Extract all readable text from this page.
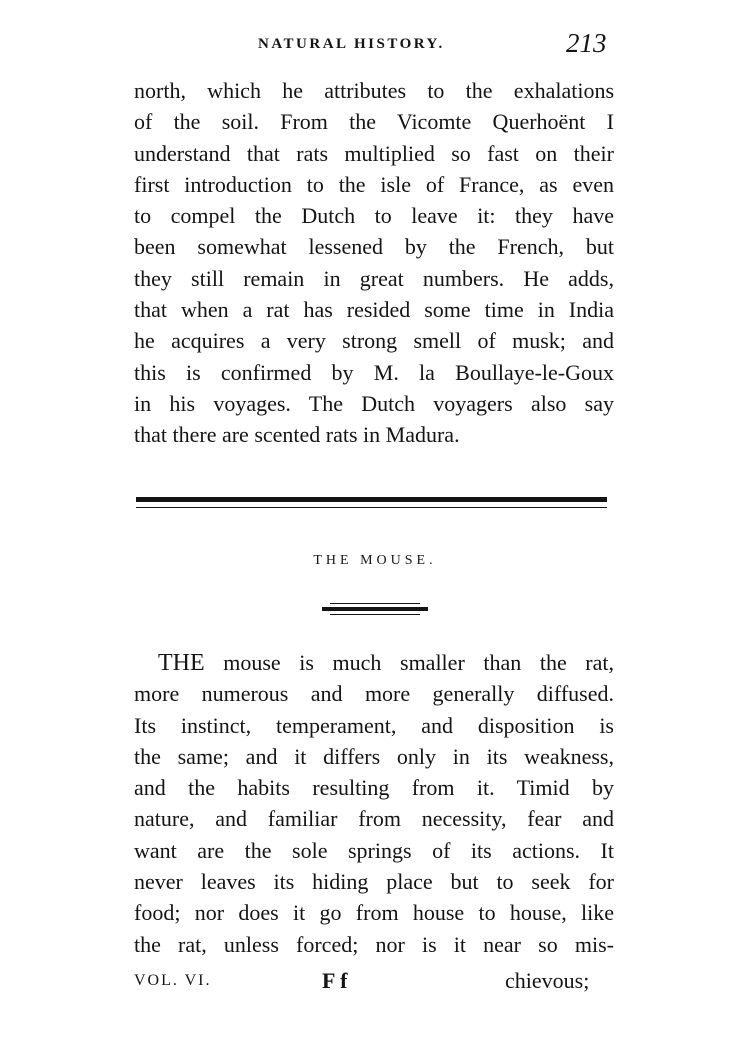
NATURAL HISTORY.	213
north, which he attributes to the exhalations
of the soil. From the Vicomte Querhoënt I
understand that rats multiplied so fast on their
first introduction to the isle of France, as even
to compel the Dutch to leave it: they have
been somewhat lessened by the French, but
they still remain in great numbers. He adds,
that when a rat has resided some time in India
he acquires a very strong smell of musk; and
this is confirmed by M. la Boullaye-le-Goux
in his voyages. The Dutch voyagers also say
that there are scented rats in Madura.
THE MOUSE.
THE mouse is much smaller than the rat,
more numerous and more generally diffused.
Its instinct, temperament, and disposition is
the same; and it differs only in its weakness,
and the habits resulting from it. Timid by
nature, and familiar from necessity, fear and
want are the sole springs of its actions. It
never leaves its hiding place but to seek for
food; nor does it go from house to house, like
the rat, unless forced; nor is it near so mis-
VOL. VI.	F f	chievous;
